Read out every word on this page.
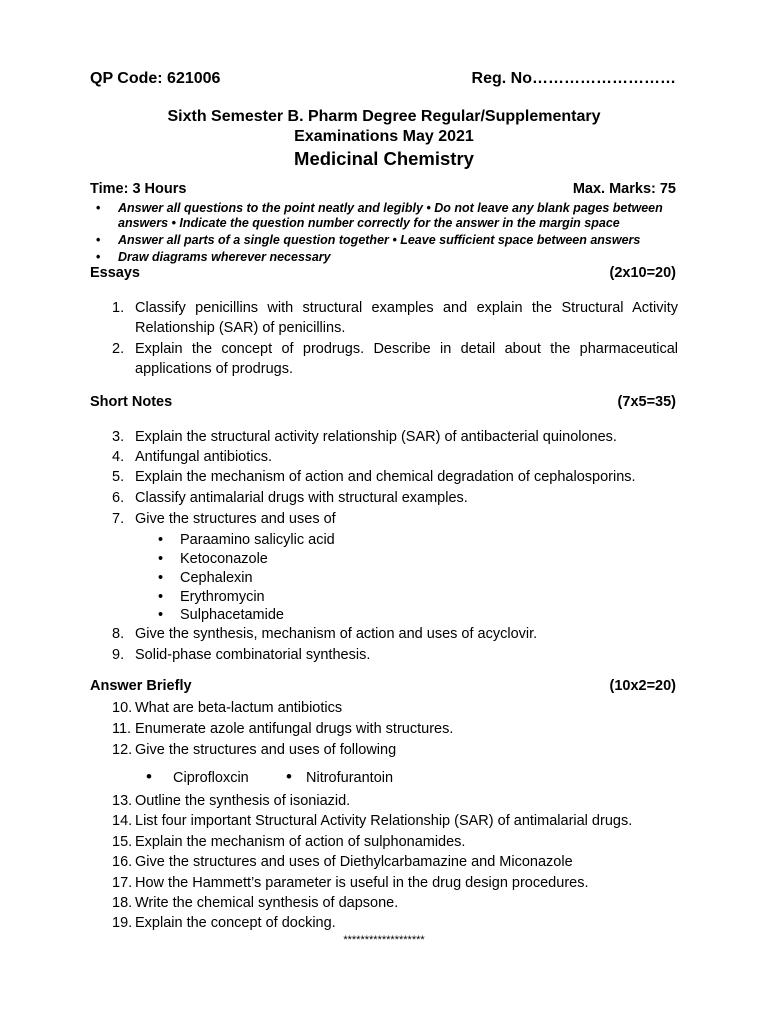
QP Code: 621006	Reg. No………………………
Sixth Semester B. Pharm Degree Regular/Supplementary
Examinations May 2021
Medicinal Chemistry
Time: 3 Hours	Max. Marks: 75
• Answer all questions to the point neatly and legibly • Do not leave any blank pages between answers • Indicate the question number correctly for the answer in the margin space
• Answer all parts of a single question together • Leave sufficient space between answers
• Draw diagrams wherever necessary
Essays	(2x10=20)
1. Classify penicillins with structural examples and explain the Structural Activity Relationship (SAR) of penicillins.
2. Explain the concept of prodrugs. Describe in detail about the pharmaceutical applications of prodrugs.
Short Notes	(7x5=35)
3. Explain the structural activity relationship (SAR) of antibacterial quinolones.
4. Antifungal antibiotics.
5. Explain the mechanism of action and chemical degradation of cephalosporins.
6. Classify antimalarial drugs with structural examples.
7. Give the structures and uses of
• Paraamino salicylic acid
• Ketoconazole
• Cephalexin
• Erythromycin
• Sulphacetamide
8. Give the synthesis, mechanism of action and uses of acyclovir.
9. Solid-phase combinatorial synthesis.
Answer Briefly	(10x2=20)
10. What are beta-lactum antibiotics
11. Enumerate azole antifungal drugs with structures.
12. Give the structures and uses of following
• Ciprofloxcin • Nitrofurantoin
13. Outline the synthesis of isoniazid.
14. List four important Structural Activity Relationship (SAR) of antimalarial drugs.
15. Explain the mechanism of action of sulphonamides.
16. Give the structures and uses of Diethylcarbamazine and Miconazole
17. How the Hammett’s parameter is useful in the drug design procedures.
18. Write the chemical synthesis of dapsone.
19. Explain the concept of docking.
*******************
